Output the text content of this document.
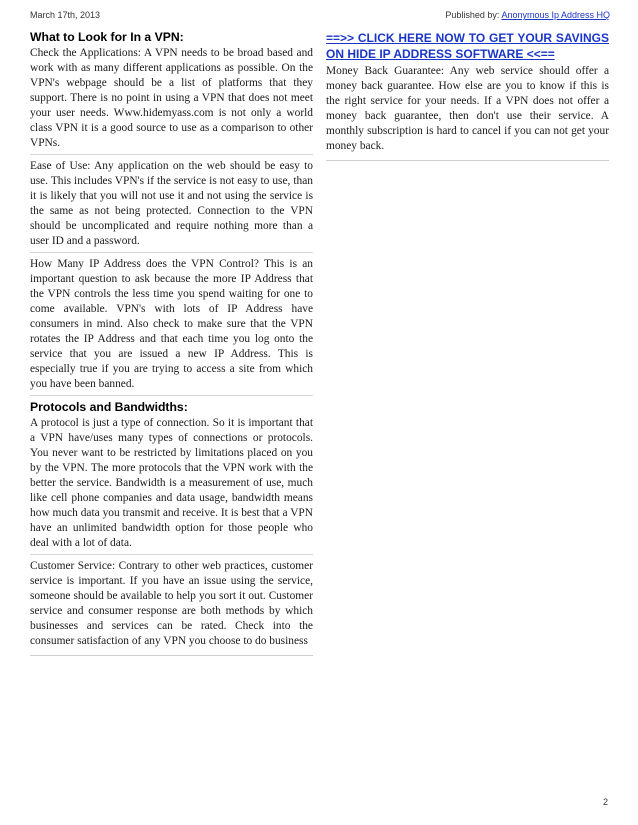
March 17th, 2013	Published by: Anonymous Ip Address HQ
What to Look for In a VPN:

Check the Applications: A VPN needs to be broad based and work with as many different applications as possible. On the VPN's webpage should be a list of platforms that they support. There is no point in using a VPN that does not meet your user needs. Www.hidemyass.com is not only a world class VPN it is a good source to use as a comparison to other VPNs.

Ease of Use: Any application on the web should be easy to use. This includes VPN's if the service is not easy to use, than it is likely that you will not use it and not using the service is the same as not being protected. Connection to the VPN should be uncomplicated and require nothing more than a user ID and a password.

How Many IP Address does the VPN Control? This is an important question to ask because the more IP Address that the VPN controls the less time you spend waiting for one to come available. VPN's with lots of IP Address have consumers in mind. Also check to make sure that the VPN rotates the IP Address and that each time you log onto the service that you are issued a new IP Address. This is especially true if you are trying to access a site from which you have been banned.

Protocols and Bandwidths:

A protocol is just a type of connection. So it is important that a VPN have/uses many types of connections or protocols. You never want to be restricted by limitations placed on you by the VPN. The more protocols that the VPN work with the better the service. Bandwidth is a measurement of use, much like cell phone companies and data usage, bandwidth means how much data you transmit and receive. It is best that a VPN have an unlimited bandwidth option for those people who deal with a lot of data.

Customer Service: Contrary to other web practices, customer service is important. If you have an issue using the service, someone should be available to help you sort it out. Customer service and consumer response are both methods by which businesses and services can be rated. Check into the consumer satisfaction of any VPN you choose to do business

==>> CLICK HERE NOW TO GET YOUR SAVINGS ON HIDE IP ADDRESS SOFTWARE <<==

Money Back Guarantee: Any web service should offer a money back guarantee. How else are you to know if this is the right service for your needs. If a VPN does not offer a money back guarantee, then don't use their service. A monthly subscription is hard to cancel if you can not get your money back.

2
